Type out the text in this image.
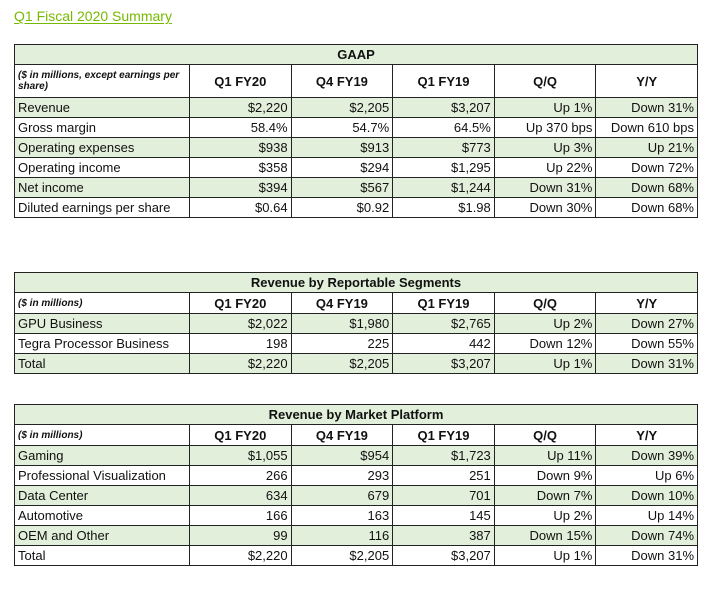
Q1 Fiscal 2020 Summary
GAAP					
($ in millions, except earnings per share)	Q1 FY20	Q4 FY19	Q1 FY19	Q/Q	Y/Y
Revenue	$2,220	$2,205	$3,207	Up 1%	Down 31%
Gross margin	58.4%	54.7%	64.5%	Up 370 bps	Down 610 bps
Operating expenses	$938	$913	$773	Up 3%	Up 21%
Operating income	$358	$294	$1,295	Up 22%	Down 72%
Net income	$394	$567	$1,244	Down 31%	Down 68%
Diluted earnings per share	$0.64	$0.92	$1.98	Down 30%	Down 68%
Revenue by Reportable Segments					
($ in millions)	Q1 FY20	Q4 FY19	Q1 FY19	Q/Q	Y/Y
GPU Business	$2,022	$1,980	$2,765	Up 2%	Down 27%
Tegra Processor Business	198	225	442	Down 12%	Down 55%
Total	$2,220	$2,205	$3,207	Up 1%	Down 31%
Revenue by Market Platform					
($ in millions)	Q1 FY20	Q4 FY19	Q1 FY19	Q/Q	Y/Y
Gaming	$1,055	$954	$1,723	Up 11%	Down 39%
Professional Visualization	266	293	251	Down 9%	Up 6%
Data Center	634	679	701	Down 7%	Down 10%
Automotive	166	163	145	Up 2%	Up 14%
OEM and Other	99	116	387	Down 15%	Down 74%
Total	$2,220	$2,205	$3,207	Up 1%	Down 31%
